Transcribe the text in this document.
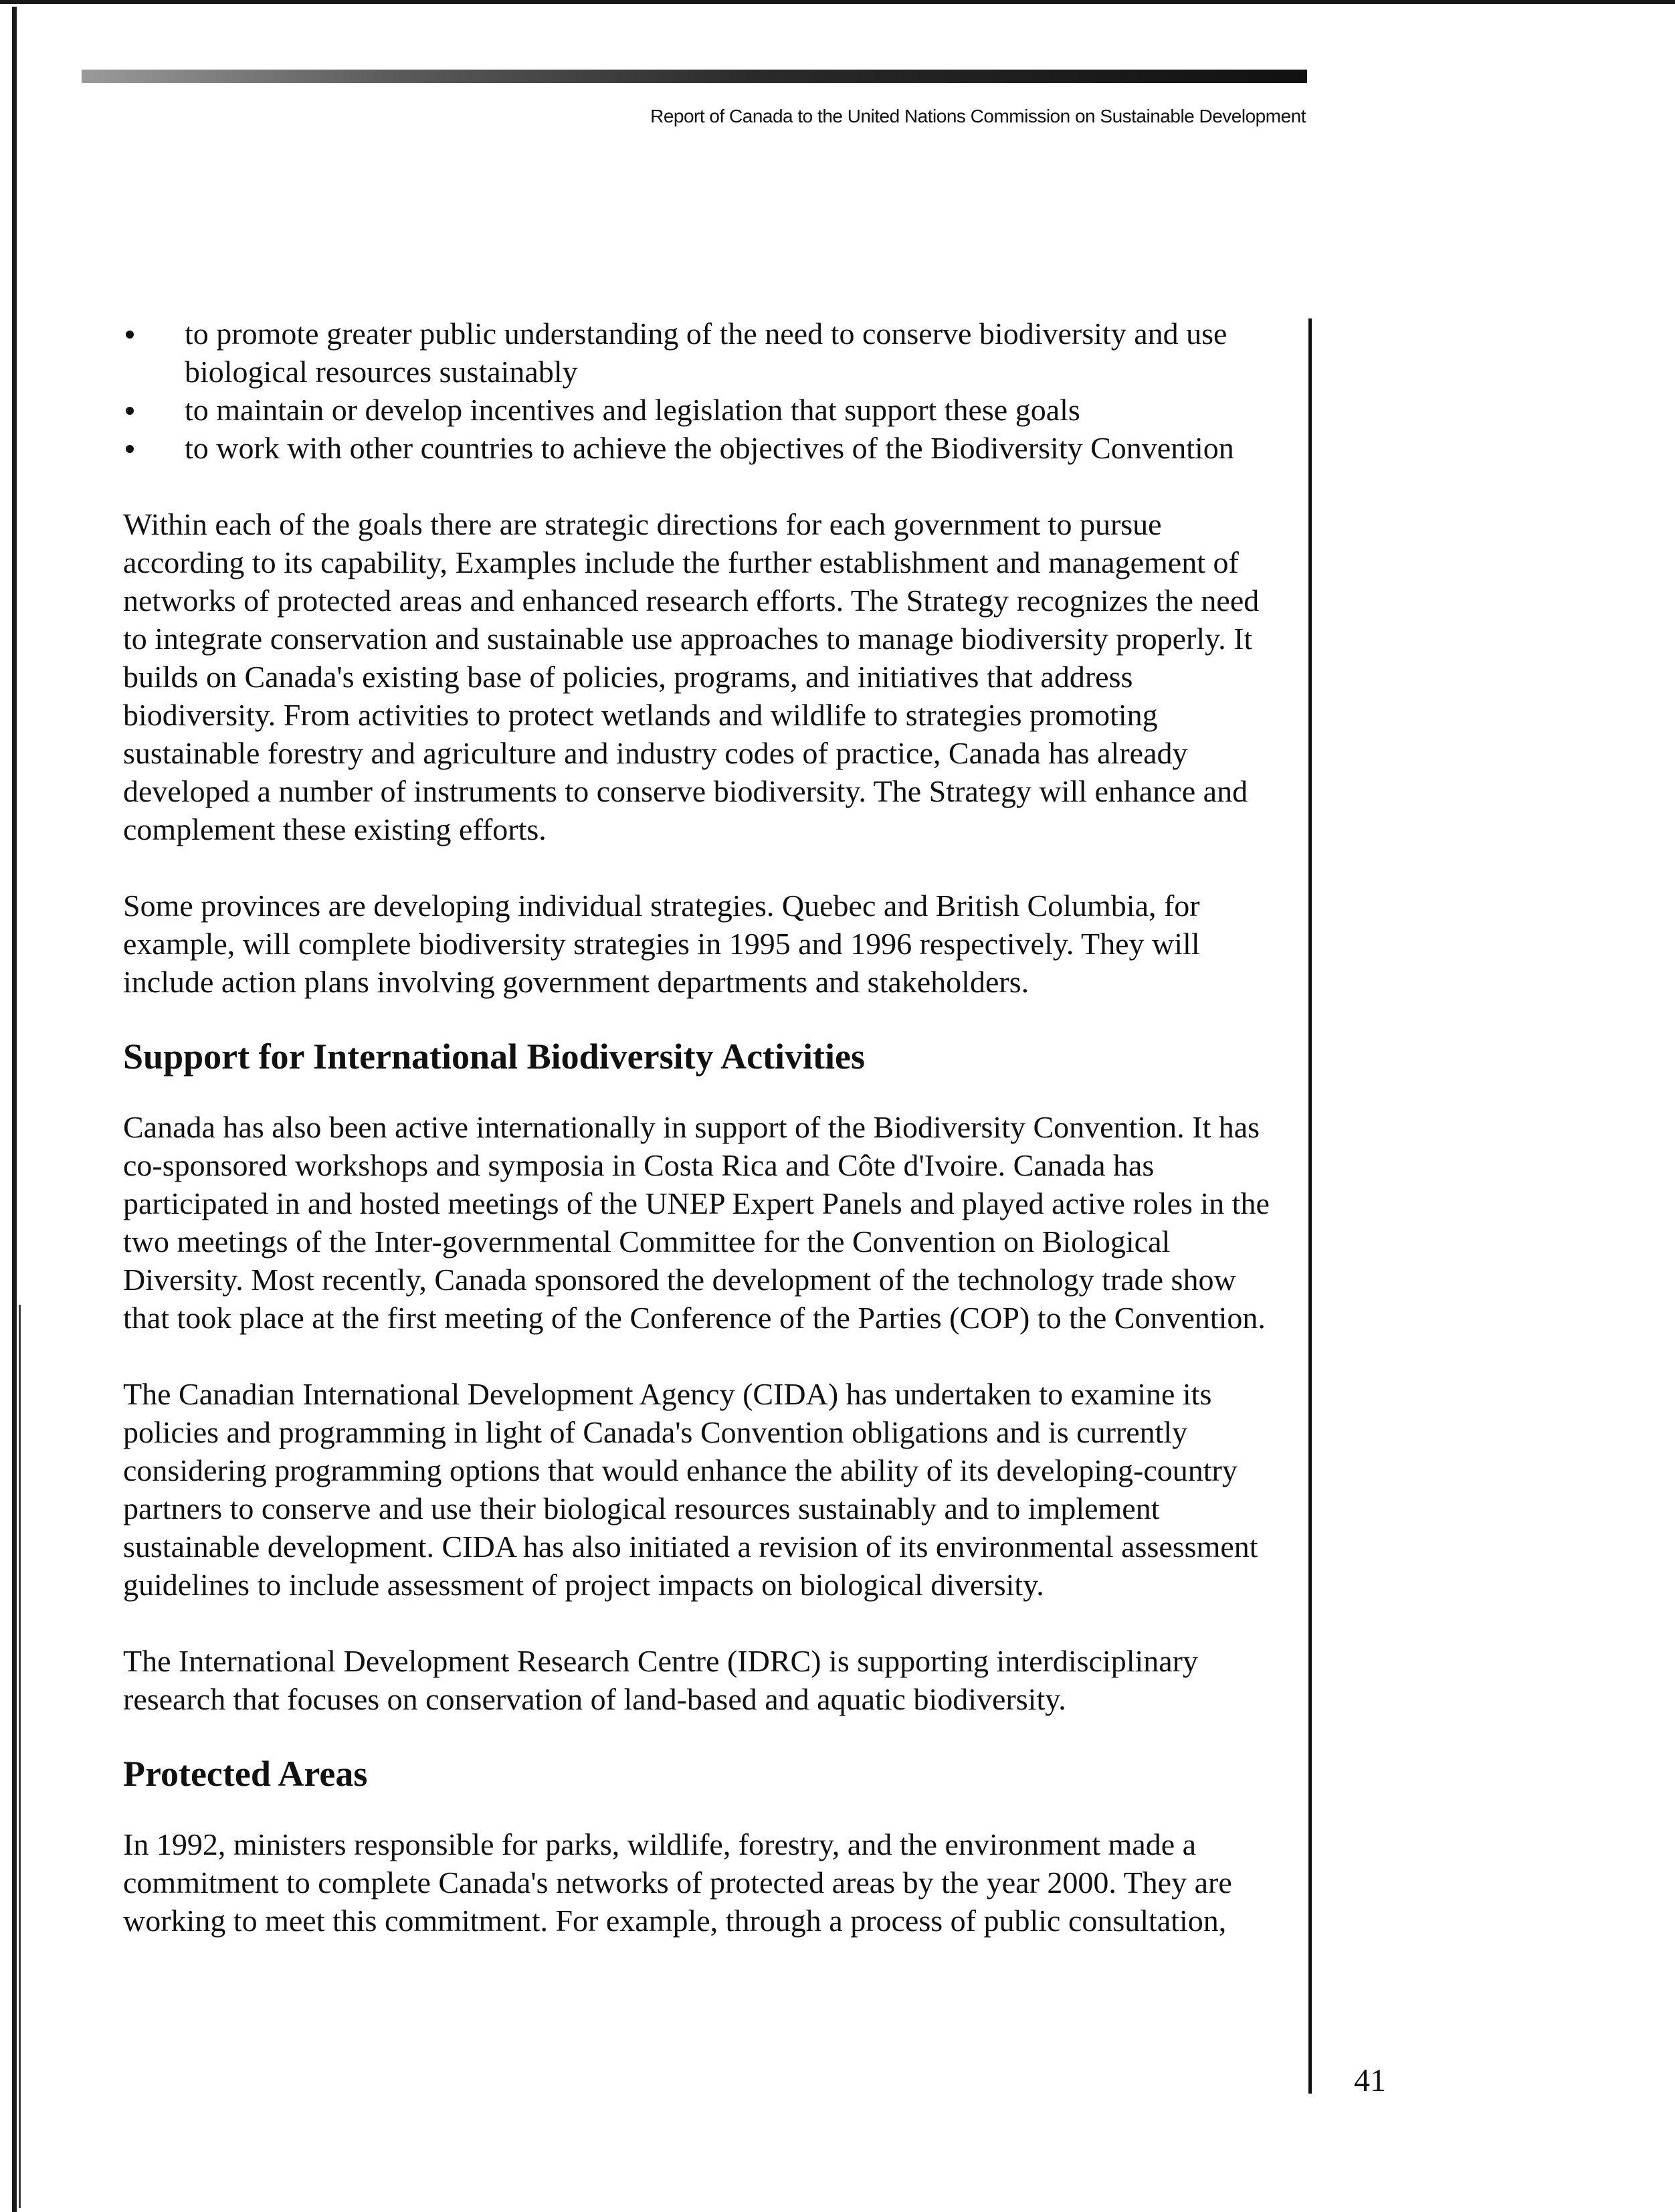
Report of Canada to the United Nations Commission on Sustainable Development
to promote greater public understanding of the need to conserve biodiversity and use biological resources sustainably
to maintain or develop incentives and legislation that support these goals
to work with other countries to achieve the objectives of the Biodiversity Convention

Within each of the goals there are strategic directions for each government to pursue according to its capability, Examples include the further establishment and management of networks of protected areas and enhanced research efforts. The Strategy recognizes the need to integrate conservation and sustainable use approaches to manage biodiversity properly. It builds on Canada's existing base of policies, programs, and initiatives that address biodiversity. From activities to protect wetlands and wildlife to strategies promoting sustainable forestry and agriculture and industry codes of practice, Canada has already developed a number of instruments to conserve biodiversity. The Strategy will enhance and complement these existing efforts.

Some provinces are developing individual strategies. Quebec and British Columbia, for example, will complete biodiversity strategies in 1995 and 1996 respectively. They will include action plans involving government departments and stakeholders.

Support for International Biodiversity Activities

Canada has also been active internationally in support of the Biodiversity Convention. It has co-sponsored workshops and symposia in Costa Rica and Côte d'Ivoire. Canada has participated in and hosted meetings of the UNEP Expert Panels and played active roles in the two meetings of the Inter-governmental Committee for the Convention on Biological Diversity. Most recently, Canada sponsored the development of the technology trade show that took place at the first meeting of the Conference of the Parties (COP) to the Convention.

The Canadian International Development Agency (CIDA) has undertaken to examine its policies and programming in light of Canada's Convention obligations and is currently considering programming options that would enhance the ability of its developing-country partners to conserve and use their biological resources sustainably and to implement sustainable development. CIDA has also initiated a revision of its environmental assessment guidelines to include assessment of project impacts on biological diversity.

The International Development Research Centre (IDRC) is supporting interdisciplinary research that focuses on conservation of land-based and aquatic biodiversity.

Protected Areas

In 1992, ministers responsible for parks, wildlife, forestry, and the environment made a commitment to complete Canada's networks of protected areas by the year 2000. They are working to meet this commitment. For example, through a process of public consultation,

41
